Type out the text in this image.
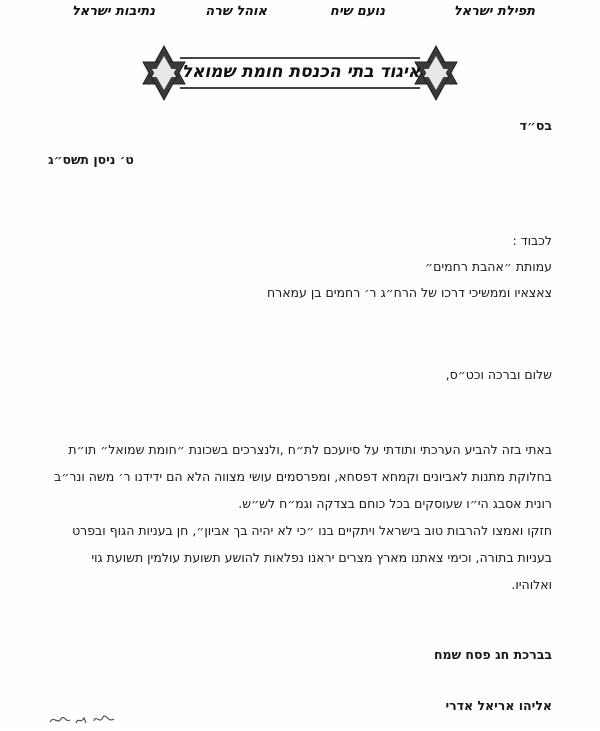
תפילת ישראל
נועם שיח
אוהל שרה
נתיבות ישראל
איגוד בתי הכנסת חומת שמואל
בס״ד
ט׳ ניסן תשס״ג
לכבוד :
עמותת ״אהבת רחמים״
צאצאיו וממשיכי דרכו של הרח״ג ר׳ רחמים בן עמארח
שלום וברכה וכט״ס,
באתי בזה להביע הערכתי ותודתי על סיועכם לת״ח ,ולנצרכים בשכונת ״חומת שמואל״ תו״ת
בחלוקת מתנות לאביונים וקמחא דפסחא, ומפרסמים עושי מצווה הלא הם ידידנו ר׳ משה ונר״ב
רונית אסבג הי״ו שעוסקים בכל כוחם בצדקה וגמ״ח לש״ש.
חזקו ואמצו להרבות טוב בישראל ויתקיים בנו ״כי לא יהיה בך אביון״, חן בעניות הגוף ובפרט
בעניות בתורה, וכימי צאתנו מארץ מצרים יראנו נפלאות להושע תשועת עולמין תשועת גוי
ואלוהיו.
בברכת חג פסח שמח
אליהו אריאל אדרי
